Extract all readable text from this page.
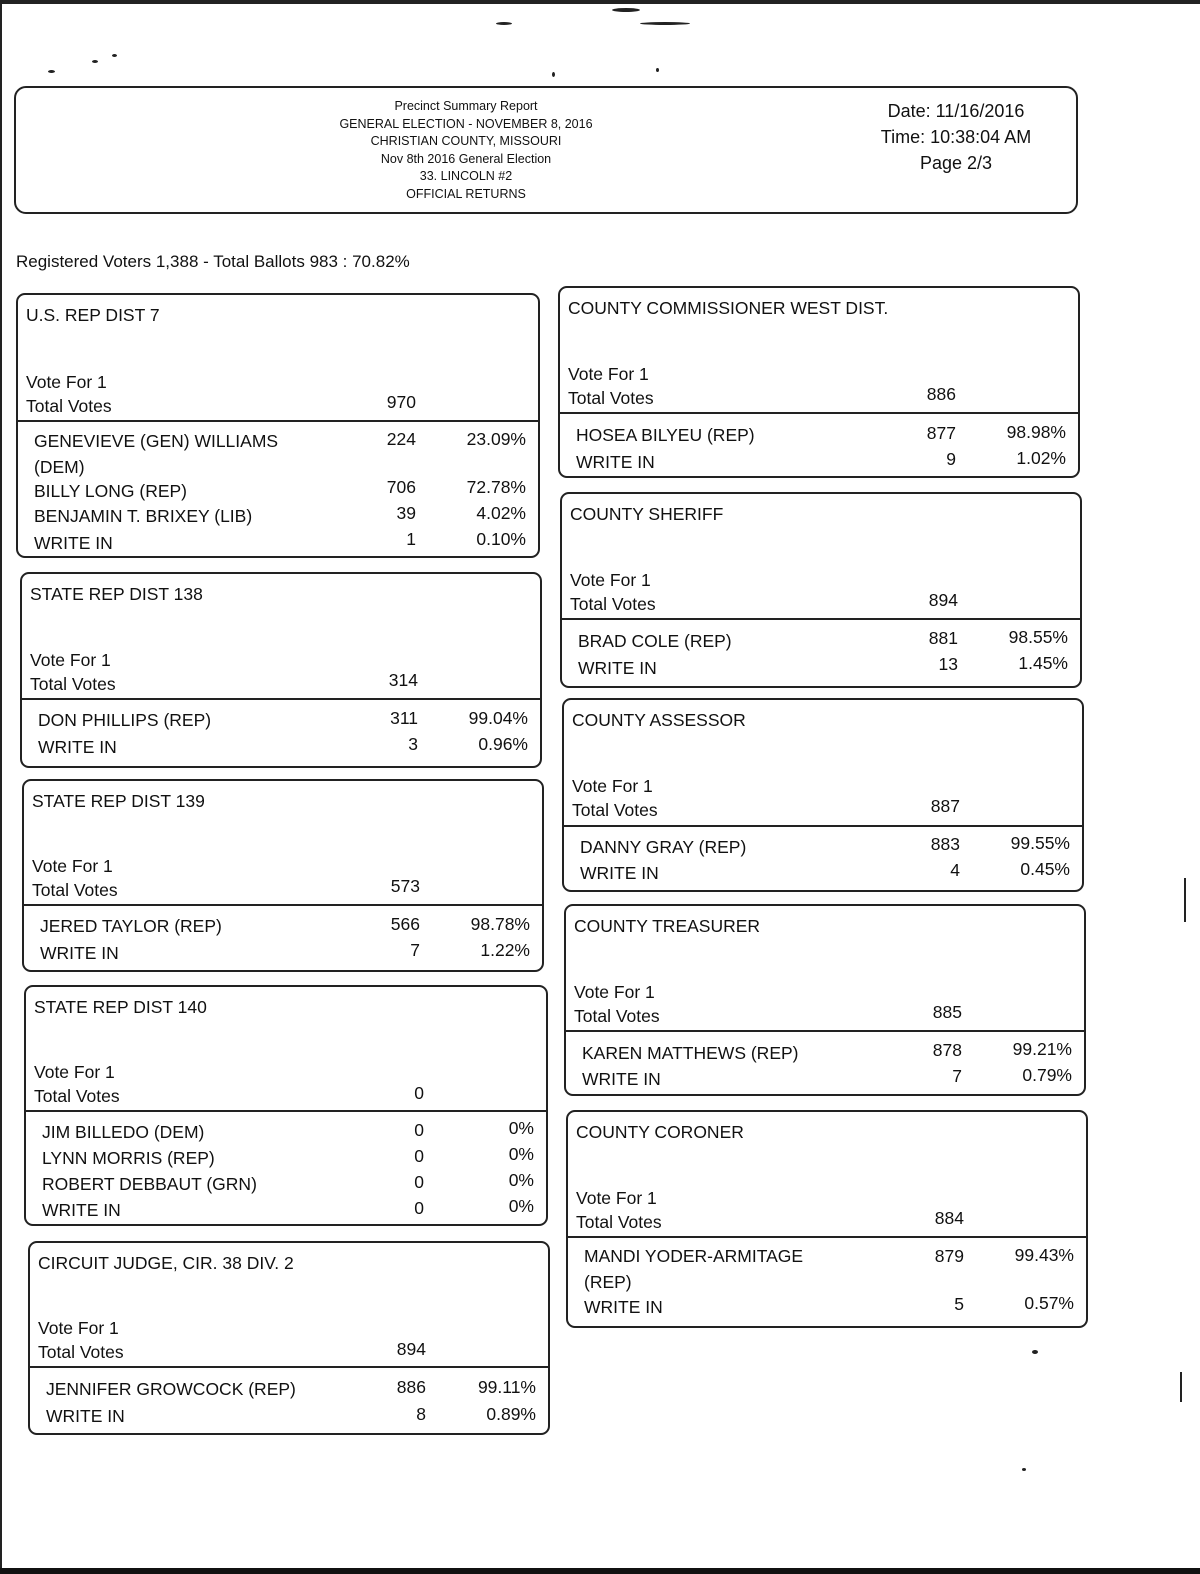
Precinct Summary Report
GENERAL ELECTION - NOVEMBER 8, 2016
CHRISTIAN COUNTY, MISSOURI
Nov 8th 2016 General Election
33. LINCOLN #2
OFFICIAL RETURNS
Date: 11/16/2016
Time: 10:38:04 AM
Page 2/3
Registered Voters 1,388 - Total Ballots 983 : 70.82%
U.S. REP DIST 7
Vote For 1
Total Votes	970
GENEVIEVE (GEN) WILLIAMS
(DEM)
224	23.09%
BILLY LONG (REP)	706	72.78%
BENJAMIN T. BRIXEY (LIB)	39	4.02%
WRITE IN	1	0.10%
STATE REP DIST 138
Vote For 1
Total Votes	314
DON PHILLIPS (REP)	311	99.04%
WRITE IN	3	0.96%
STATE REP DIST 139
Vote For 1
Total Votes	573
JERED TAYLOR (REP)	566	98.78%
WRITE IN	7	1.22%
STATE REP DIST 140
Vote For 1
Total Votes	0
JIM BILLEDO (DEM)	0	0%
LYNN MORRIS (REP)	0	0%
ROBERT DEBBAUT (GRN)	0	0%
WRITE IN	0	0%
CIRCUIT JUDGE, CIR. 38 DIV. 2
Vote For 1
Total Votes	894
JENNIFER GROWCOCK (REP)	886	99.11%
WRITE IN	8	0.89%
COUNTY COMMISSIONER WEST DIST.
Vote For 1
Total Votes	886
HOSEA BILYEU (REP)	877	98.98%
WRITE IN	9	1.02%
COUNTY SHERIFF
Vote For 1
Total Votes	894
BRAD COLE (REP)	881	98.55%
WRITE IN	13	1.45%
COUNTY ASSESSOR
Vote For 1
Total Votes	887
DANNY GRAY (REP)	883	99.55%
WRITE IN	4	0.45%
COUNTY TREASURER
Vote For 1
Total Votes	885
KAREN MATTHEWS (REP)	878	99.21%
WRITE IN	7	0.79%
COUNTY CORONER
Vote For 1
Total Votes	884
MANDI YODER-ARMITAGE
(REP)
879	99.43%
WRITE IN	5	0.57%
